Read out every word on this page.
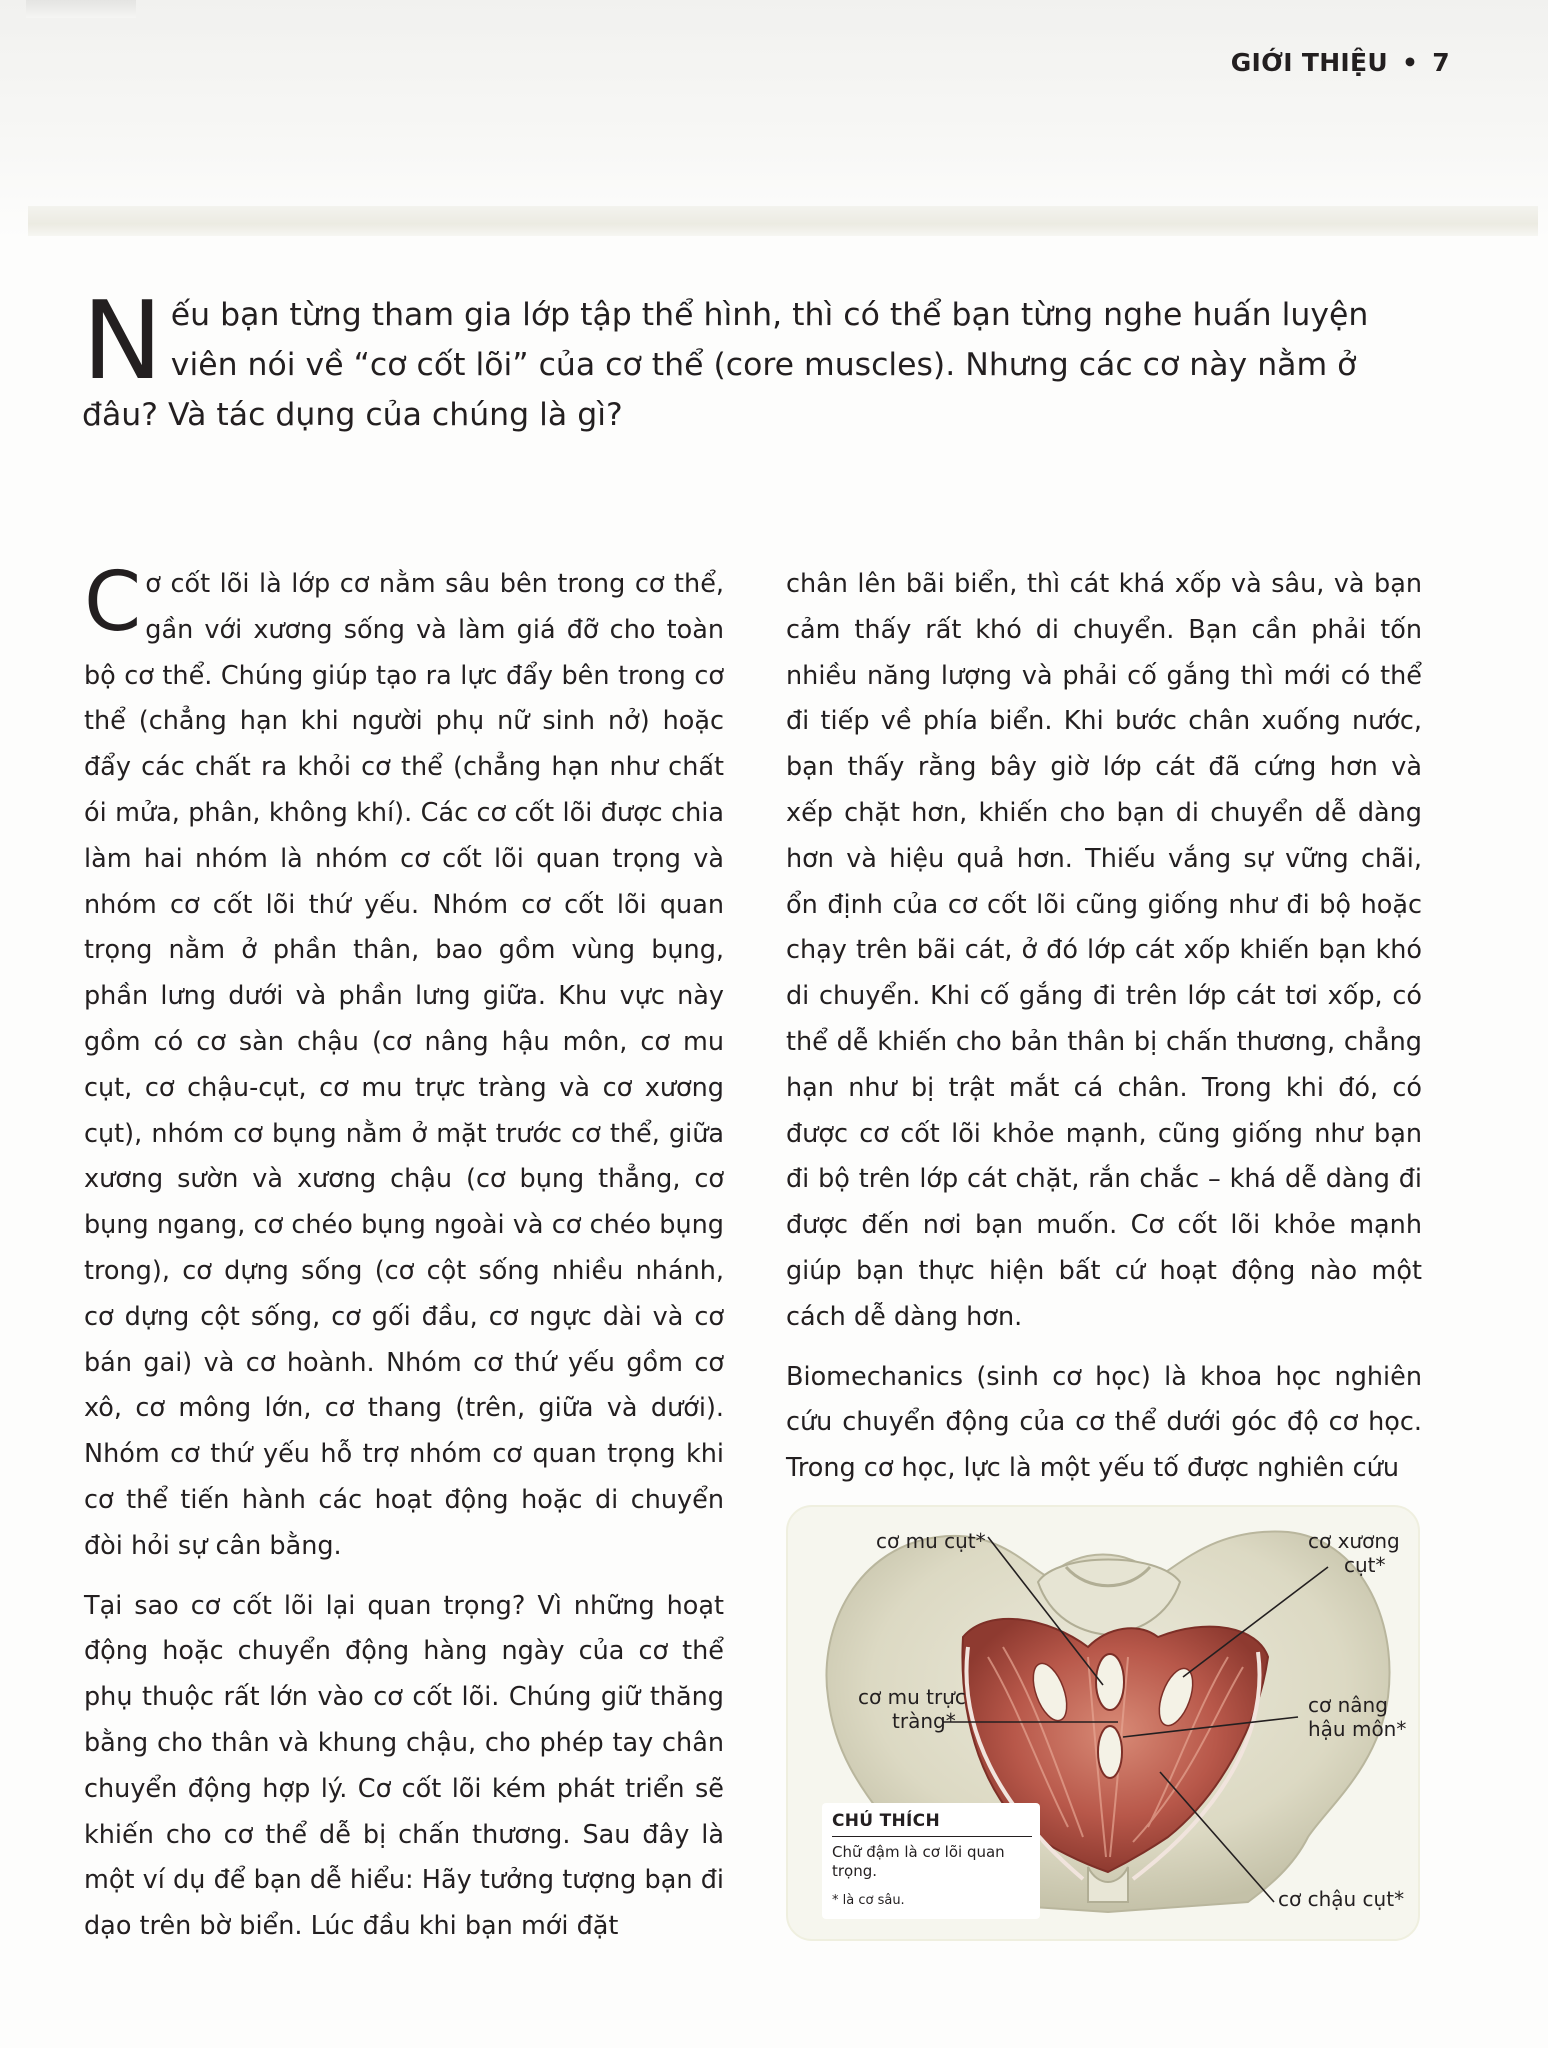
GIỚI THIỆU • 7

Nếu bạn từng tham gia lớp tập thể hình, thì có thể bạn từng nghe huấn luyện viên nói về “cơ cốt lõi” của cơ thể (core muscles). Nhưng các cơ này nằm ở đâu? Và tác dụng của chúng là gì?

Cơ cốt lõi là lớp cơ nằm sâu bên trong cơ thể, gần với xương sống và làm giá đỡ cho toàn bộ cơ thể. Chúng giúp tạo ra lực đẩy bên trong cơ thể (chẳng hạn khi người phụ nữ sinh nở) hoặc đẩy các chất ra khỏi cơ thể (chẳng hạn như chất ói mửa, phân, không khí). Các cơ cốt lõi được chia làm hai nhóm là nhóm cơ cốt lõi quan trọng và nhóm cơ cốt lõi thứ yếu. Nhóm cơ cốt lõi quan trọng nằm ở phần thân, bao gồm vùng bụng, phần lưng dưới và phần lưng giữa. Khu vực này gồm có cơ sàn chậu (cơ nâng hậu môn, cơ mu cụt, cơ chậu-cụt, cơ mu trực tràng và cơ xương cụt), nhóm cơ bụng nằm ở mặt trước cơ thể, giữa xương sườn và xương chậu (cơ bụng thẳng, cơ bụng ngang, cơ chéo bụng ngoài và cơ chéo bụng trong), cơ dựng sống (cơ cột sống nhiều nhánh, cơ dựng cột sống, cơ gối đầu, cơ ngực dài và cơ bán gai) và cơ hoành. Nhóm cơ thứ yếu gồm cơ xô, cơ mông lớn, cơ thang (trên, giữa và dưới). Nhóm cơ thứ yếu hỗ trợ nhóm cơ quan trọng khi cơ thể tiến hành các hoạt động hoặc di chuyển đòi hỏi sự cân bằng.

Tại sao cơ cốt lõi lại quan trọng? Vì những hoạt động hoặc chuyển động hàng ngày của cơ thể phụ thuộc rất lớn vào cơ cốt lõi. Chúng giữ thăng bằng cho thân và khung chậu, cho phép tay chân chuyển động hợp lý. Cơ cốt lõi kém phát triển sẽ khiến cho cơ thể dễ bị chấn thương. Sau đây là một ví dụ để bạn dễ hiểu: Hãy tưởng tượng bạn đi dạo trên bờ biển. Lúc đầu khi bạn mới đặt

chân lên bãi biển, thì cát khá xốp và sâu, và bạn cảm thấy rất khó di chuyển. Bạn cần phải tốn nhiều năng lượng và phải cố gắng thì mới có thể đi tiếp về phía biển. Khi bước chân xuống nước, bạn thấy rằng bây giờ lớp cát đã cứng hơn và xếp chặt hơn, khiến cho bạn di chuyển dễ dàng hơn và hiệu quả hơn. Thiếu vắng sự vững chãi, ổn định của cơ cốt lõi cũng giống như đi bộ hoặc chạy trên bãi cát, ở đó lớp cát xốp khiến bạn khó di chuyển. Khi cố gắng đi trên lớp cát tơi xốp, có thể dễ khiến cho bản thân bị chấn thương, chẳng hạn như bị trật mắt cá chân. Trong khi đó, có được cơ cốt lõi khỏe mạnh, cũng giống như bạn đi bộ trên lớp cát chặt, rắn chắc – khá dễ dàng đi được đến nơi bạn muốn. Cơ cốt lõi khỏe mạnh giúp bạn thực hiện bất cứ hoạt động nào một cách dễ dàng hơn.

Biomechanics (sinh cơ học) là khoa học nghiên cứu chuyển động của cơ thể dưới góc độ cơ học. Trong cơ học, lực là một yếu tố được nghiên cứu

cơ mu cụt*	cơ xương
cụt*
cơ mu trực
tràng*
cơ nâng
hậu môn*
cơ chậu cụt*
CHÚ THÍCH
Chữ đậm là cơ lõi quan trọng.
* là cơ sâu.
